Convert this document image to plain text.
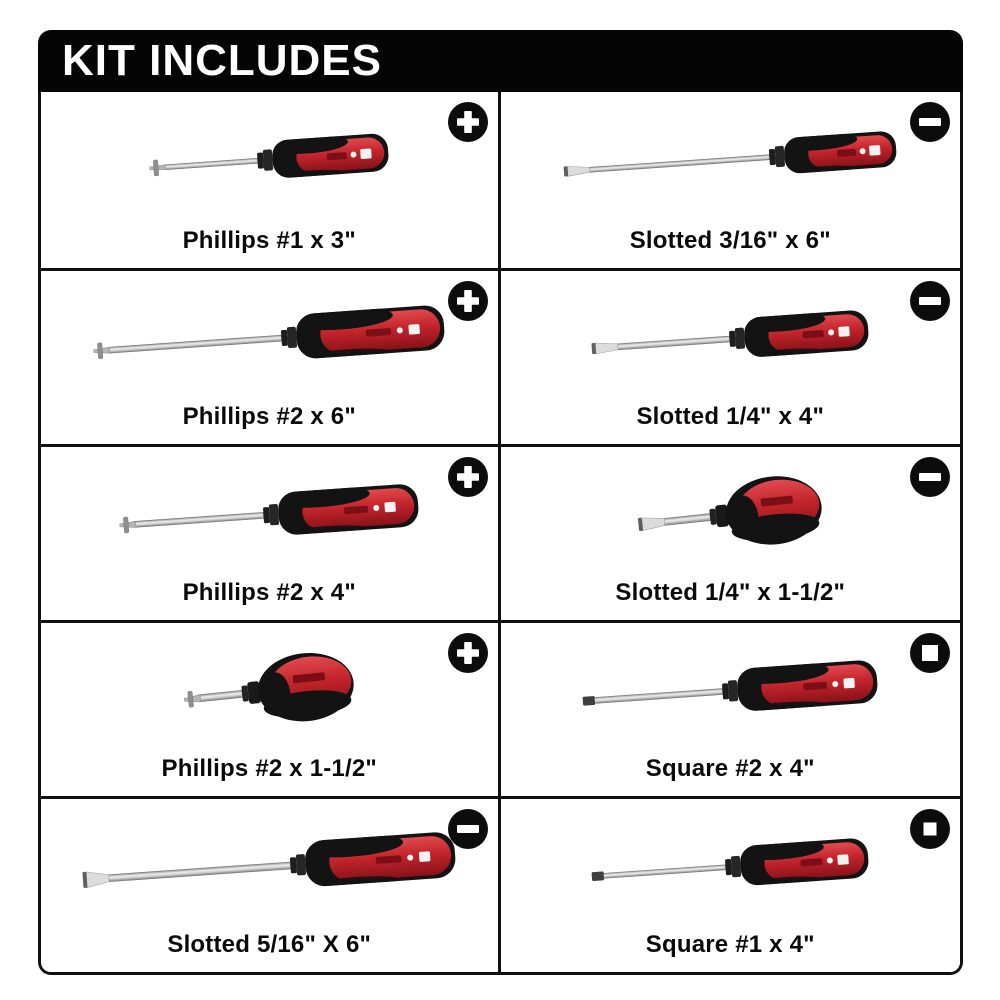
KIT INCLUDES
Phillips #1 x 3"	Slotted 3/16" x 6"
Phillips #2 x 6"	Slotted 1/4" x 4"
Phillips #2 x 4"	Slotted 1/4" x 1-1/2"
Phillips #2 x 1-1/2"	Square #2 x 4"
Slotted 5/16" X 6"	Square #1 x 4"
